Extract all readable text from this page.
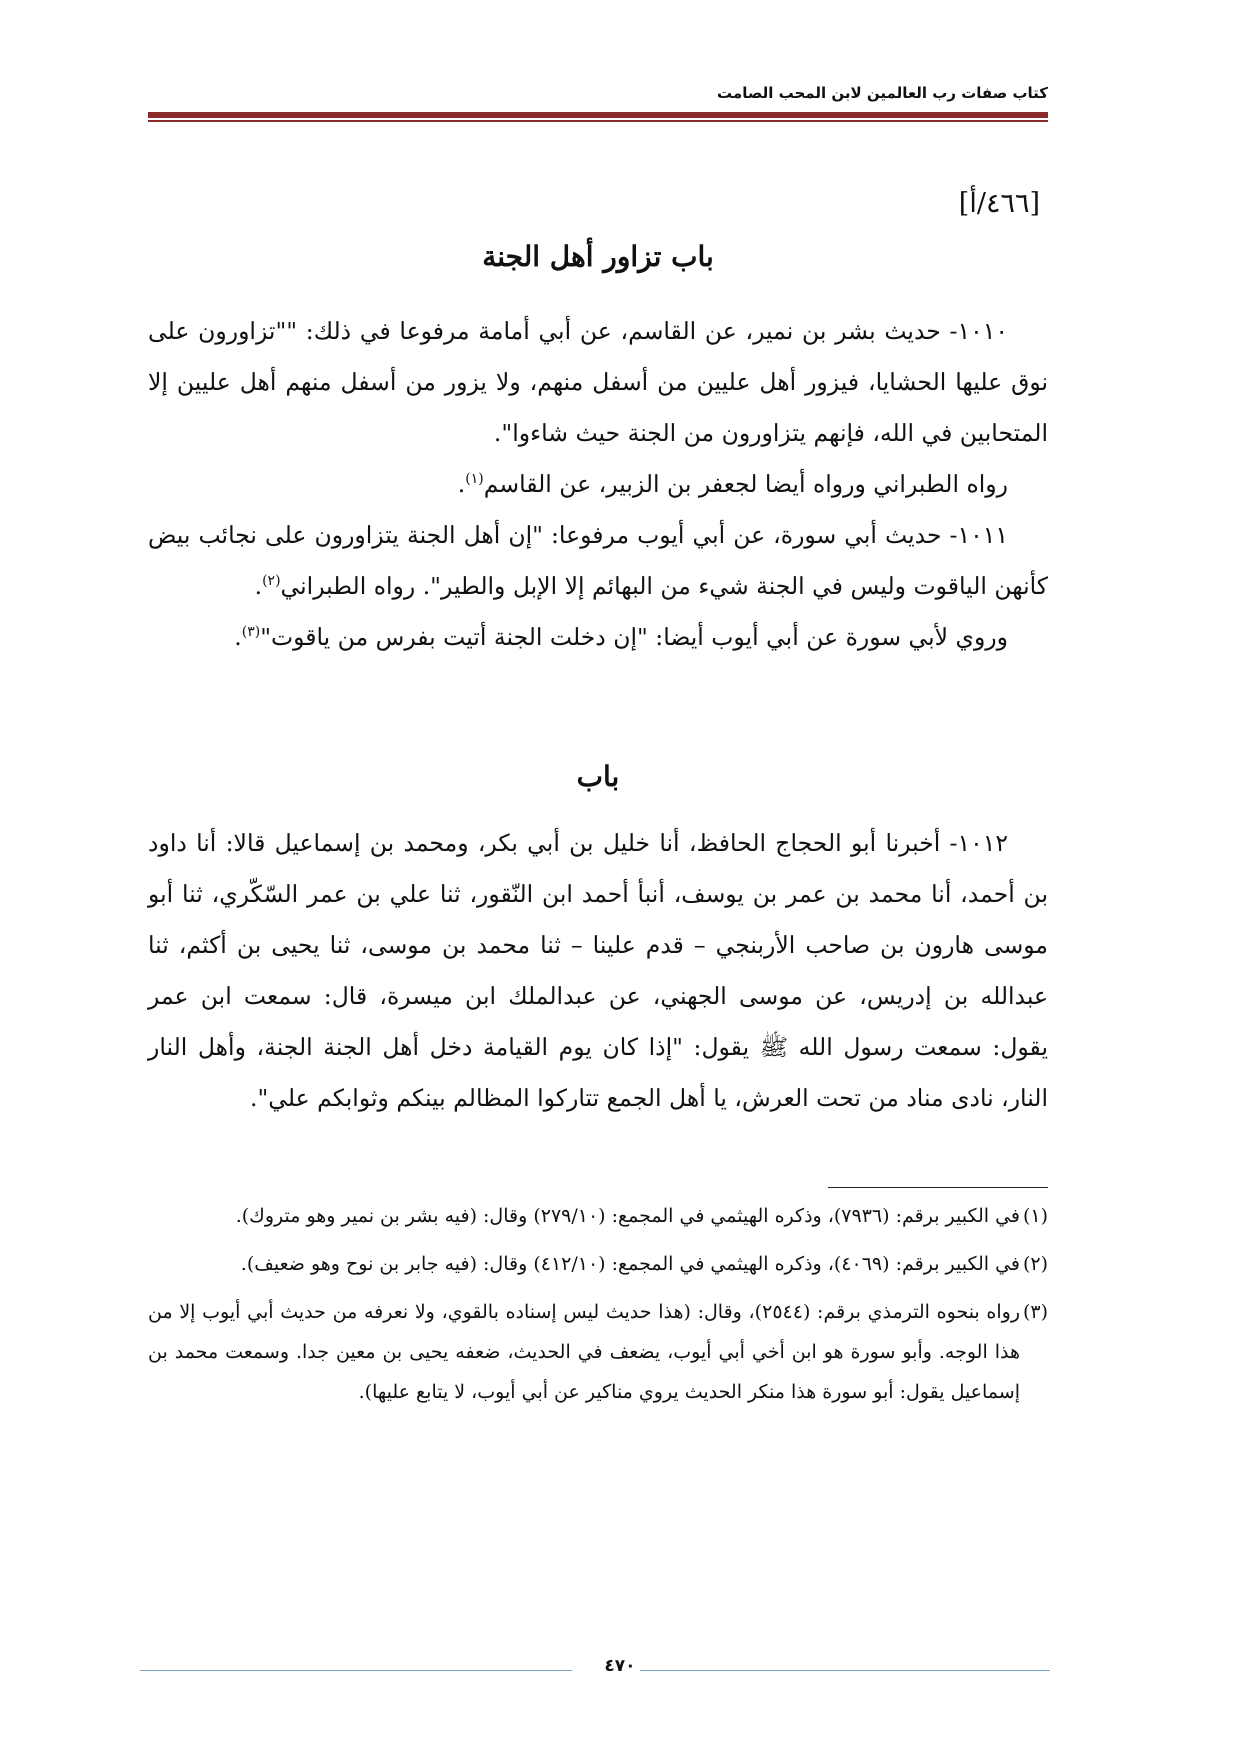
كتاب صفات رب العالمين لابن المحب الصامت
[٤٦٦/أ]
باب تزاور أهل الجنة

١٠١٠- حديث بشر بن نمير، عن القاسم، عن أبي أمامة مرفوعا في ذلك: ""تزاورون على نوق عليها الحشايا، فيزور أهل عليين من أسفل منهم، ولا يزور من أسفل منهم أهل عليين إلا المتحابين في الله، فإنهم يتزاورون من الجنة حيث شاءوا".

رواه الطبراني ورواه أيضا لجعفر بن الزبير، عن القاسم$^{(١)}$.

١٠١١- حديث أبي سورة، عن أبي أيوب مرفوعا: "إن أهل الجنة يتزاورون على نجائب بيض كأنهن الياقوت وليس في الجنة شيء من البهائم إلا الإبل والطير". رواه الطبراني$^{(٢)}$.

وروي لأبي سورة عن أبي أيوب أيضا: "إن دخلت الجنة أتيت بفرس من ياقوت"$^{(٣)}$.

باب

١٠١٢- أخبرنا أبو الحجاج الحافظ، أنا خليل بن أبي بكر، ومحمد بن إسماعيل قالا: أنا داود بن أحمد، أنا محمد بن عمر بن يوسف، أنبأ أحمد ابن النّقور، ثنا علي بن عمر السّكّري، ثنا أبو موسى هارون بن صاحب الأربنجي – قدم علينا – ثنا محمد بن موسى، ثنا يحيى بن أكثم، ثنا عبدالله بن إدريس، عن موسى الجهني، عن عبدالملك ابن ميسرة، قال: سمعت ابن عمر يقول: سمعت رسول الله ﷺ يقول: "إذا كان يوم القيامة دخل أهل الجنة الجنة، وأهل النار النار، نادى مناد من تحت العرش، يا أهل الجمع تتاركوا المظالم بينكم وثوابكم علي".

(١)في الكبير برقم: (٧٩٣٦)، وذكره الهيثمي في المجمع: (٢٧٩/١٠) وقال: (فيه بشر بن نمير وهو متروك).

(٢)في الكبير برقم: (٤٠٦٩)، وذكره الهيثمي في المجمع: (٤١٢/١٠) وقال: (فيه جابر بن نوح وهو ضعيف).

(٣)رواه بنحوه الترمذي برقم: (٢٥٤٤)، وقال: (هذا حديث ليس إسناده بالقوي، ولا نعرفه من حديث أبي أيوب إلا من هذا الوجه. وأبو سورة هو ابن أخي أبي أيوب، يضعف في الحديث، ضعفه يحيى بن معين جدا. وسمعت محمد بن إسماعيل يقول: أبو سورة هذا منكر الحديث يروي مناكير عن أبي أيوب، لا يتابع عليها).

٤٧٠
